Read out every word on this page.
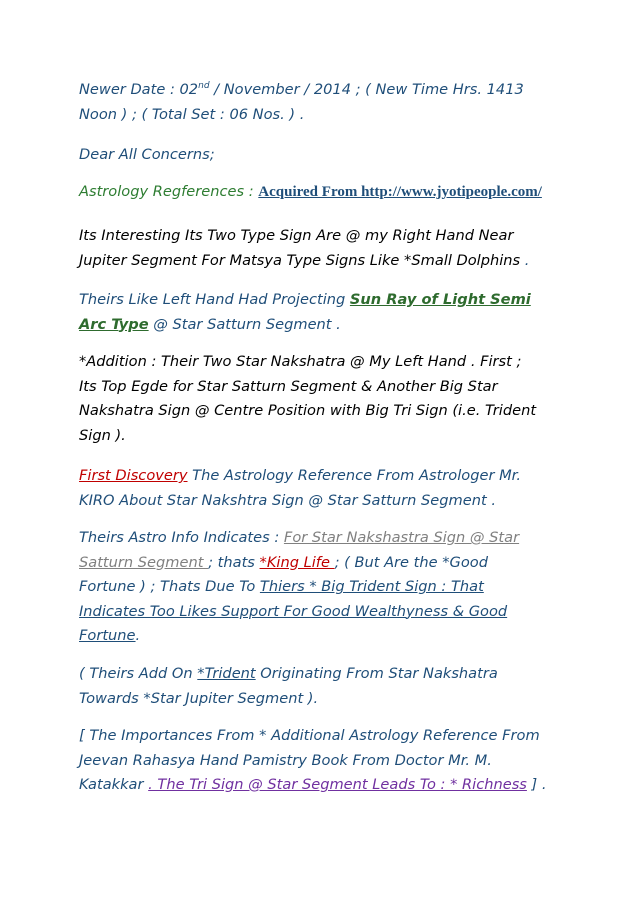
Newer Date : 02nd / November / 2014 ; ( New Time Hrs. 1413
Noon ) ; ( Total Set : 06 Nos. ) .
Dear All Concerns;
Astrology Regferences : Acquired From http://www.jyotipeople.com/
Its Interesting Its Two Type Sign Are @ my Right Hand Near
Jupiter Segment For Matsya Type Signs Like *Small Dolphins .
Theirs Like Left Hand Had Projecting Sun Ray of Light Semi
Arc Type @ Star Satturn Segment .
*Addition : Their Two Star Nakshatra @ My Left Hand . First ;
Its Top Egde for Star Satturn Segment & Another Big Star
Nakshatra Sign @ Centre Position with Big Tri Sign (i.e. Trident
Sign ).
First Discovery The Astrology Reference From Astrologer Mr.
KIRO About Star Nakshtra Sign @ Star Satturn Segment .
Theirs Astro Info Indicates : For Star Nakshastra Sign @ Star
Satturn Segment ; thats *King Life ; ( But Are the *Good
Fortune ) ; Thats Due To Thiers * Big Trident Sign : That
Indicates Too Likes Support For Good Wealthyness & Good
Fortune.
( Theirs Add On *Trident Originating From Star Nakshatra
Towards *Star Jupiter Segment ).
[ The Importances From * Additional Astrology Reference From
Jeevan Rahasya Hand Pamistry Book From Doctor Mr. M.
Katakkar . The Tri Sign @ Star Segment Leads To : * Richness ] .
